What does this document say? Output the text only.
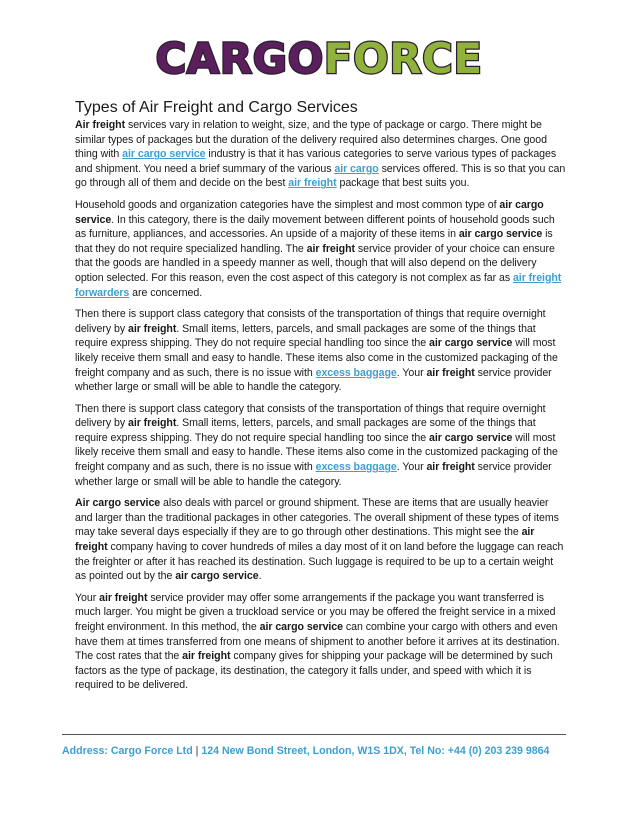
CARGOFORCE
Types of Air Freight and Cargo Services

Air freight services vary in relation to weight, size, and the type of package or cargo. There might be similar types of packages but the duration of the delivery required also determines charges. One good thing with air cargo service industry is that it has various categories to serve various types of packages and shipment. You need a brief summary of the various air cargo services offered. This is so that you can go through all of them and decide on the best air freight package that best suits you.

Household goods and organization categories have the simplest and most common type of air cargo service. In this category, there is the daily movement between different points of household goods such as furniture, appliances, and accessories. An upside of a majority of these items in air cargo service is that they do not require specialized handling. The air freight service provider of your choice can ensure that the goods are handled in a speedy manner as well, though that will also depend on the delivery option selected. For this reason, even the cost aspect of this category is not complex as far as air freight forwarders are concerned.

Then there is support class category that consists of the transportation of things that require overnight delivery by air freight. Small items, letters, parcels, and small packages are some of the things that require express shipping. They do not require special handling too since the air cargo service will most likely receive them small and easy to handle. These items also come in the customized packaging of the freight company and as such, there is no issue with excess baggage. Your air freight service provider whether large or small will be able to handle the category.

Then there is support class category that consists of the transportation of things that require overnight delivery by air freight. Small items, letters, parcels, and small packages are some of the things that require express shipping. They do not require special handling too since the air cargo service will most likely receive them small and easy to handle. These items also come in the customized packaging of the freight company and as such, there is no issue with excess baggage. Your air freight service provider whether large or small will be able to handle the category.

Air cargo service also deals with parcel or ground shipment. These are items that are usually heavier and larger than the traditional packages in other categories. The overall shipment of these types of items may take several days especially if they are to go through other destinations. This might see the air freight company having to cover hundreds of miles a day most of it on land before the luggage can reach the freighter or after it has reached its destination. Such luggage is required to be up to a certain weight as pointed out by the air cargo service.

Your air freight service provider may offer some arrangements if the package you want transferred is much larger. You might be given a truckload service or you may be offered the freight service in a mixed freight environment. In this method, the air cargo service can combine your cargo with others and even have them at times transferred from one means of shipment to another before it arrives at its destination. The cost rates that the air freight company gives for shipping your package will be determined by such factors as the type of package, its destination, the category it falls under, and speed with which it is required to be delivered.

Address: Cargo Force Ltd | 124 New Bond Street, London, W1S 1DX, Tel No: +44 (0) 203 239 9864
